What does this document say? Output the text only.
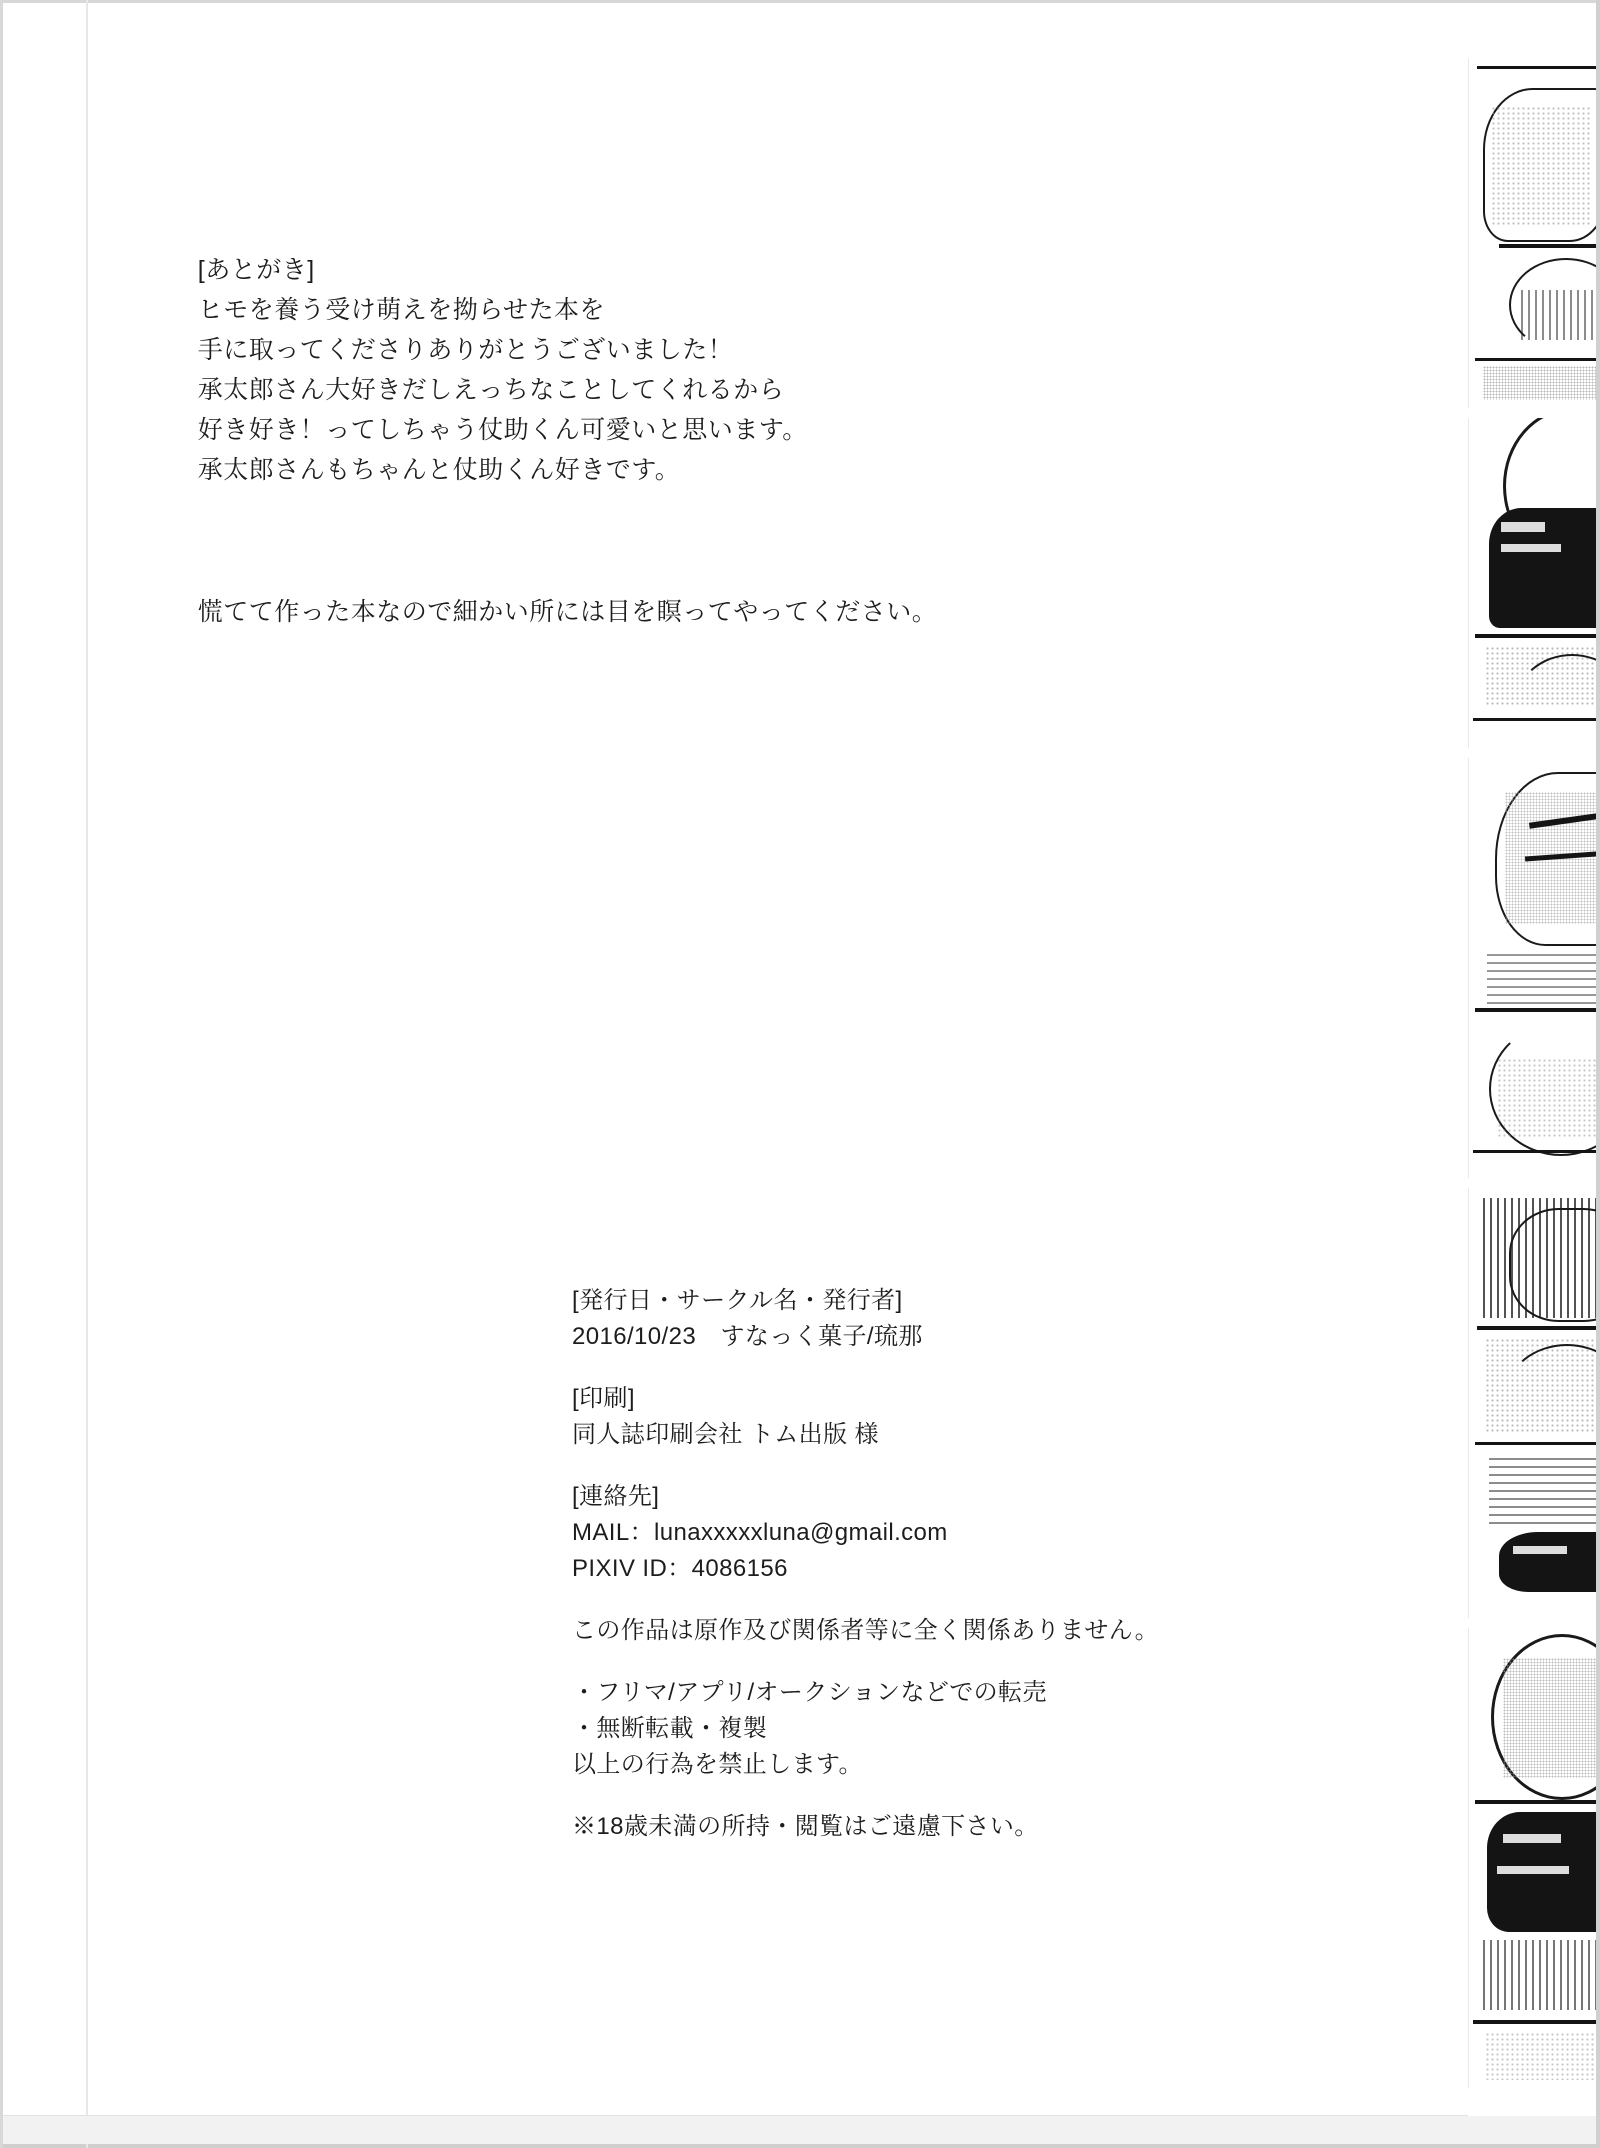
[あとがき]
ヒモを養う受け萌えを拗らせた本を
手に取ってくださりありがとうございました！
承太郎さん大好きだしえっちなことしてくれるから
好き好き！ってしちゃう仗助くん可愛いと思います。
承太郎さんもちゃんと仗助くん好きです。

慌てて作った本なので細かい所には目を瞑ってやってください。

[発行日・サークル名・発行者]
2016/10/23　すなっく菓子/琉那
[印刷]
同人誌印刷会社 トム出版 様
[連絡先]
MAIL：lunaxxxxxluna@gmail.com
PIXIV ID：4086156
この作品は原作及び関係者等に全く関係ありません。
・フリマ/アプリ/オークションなどでの転売
・無断転載・複製
以上の行為を禁止します。
※18歳未満の所持・閲覧はご遠慮下さい。
